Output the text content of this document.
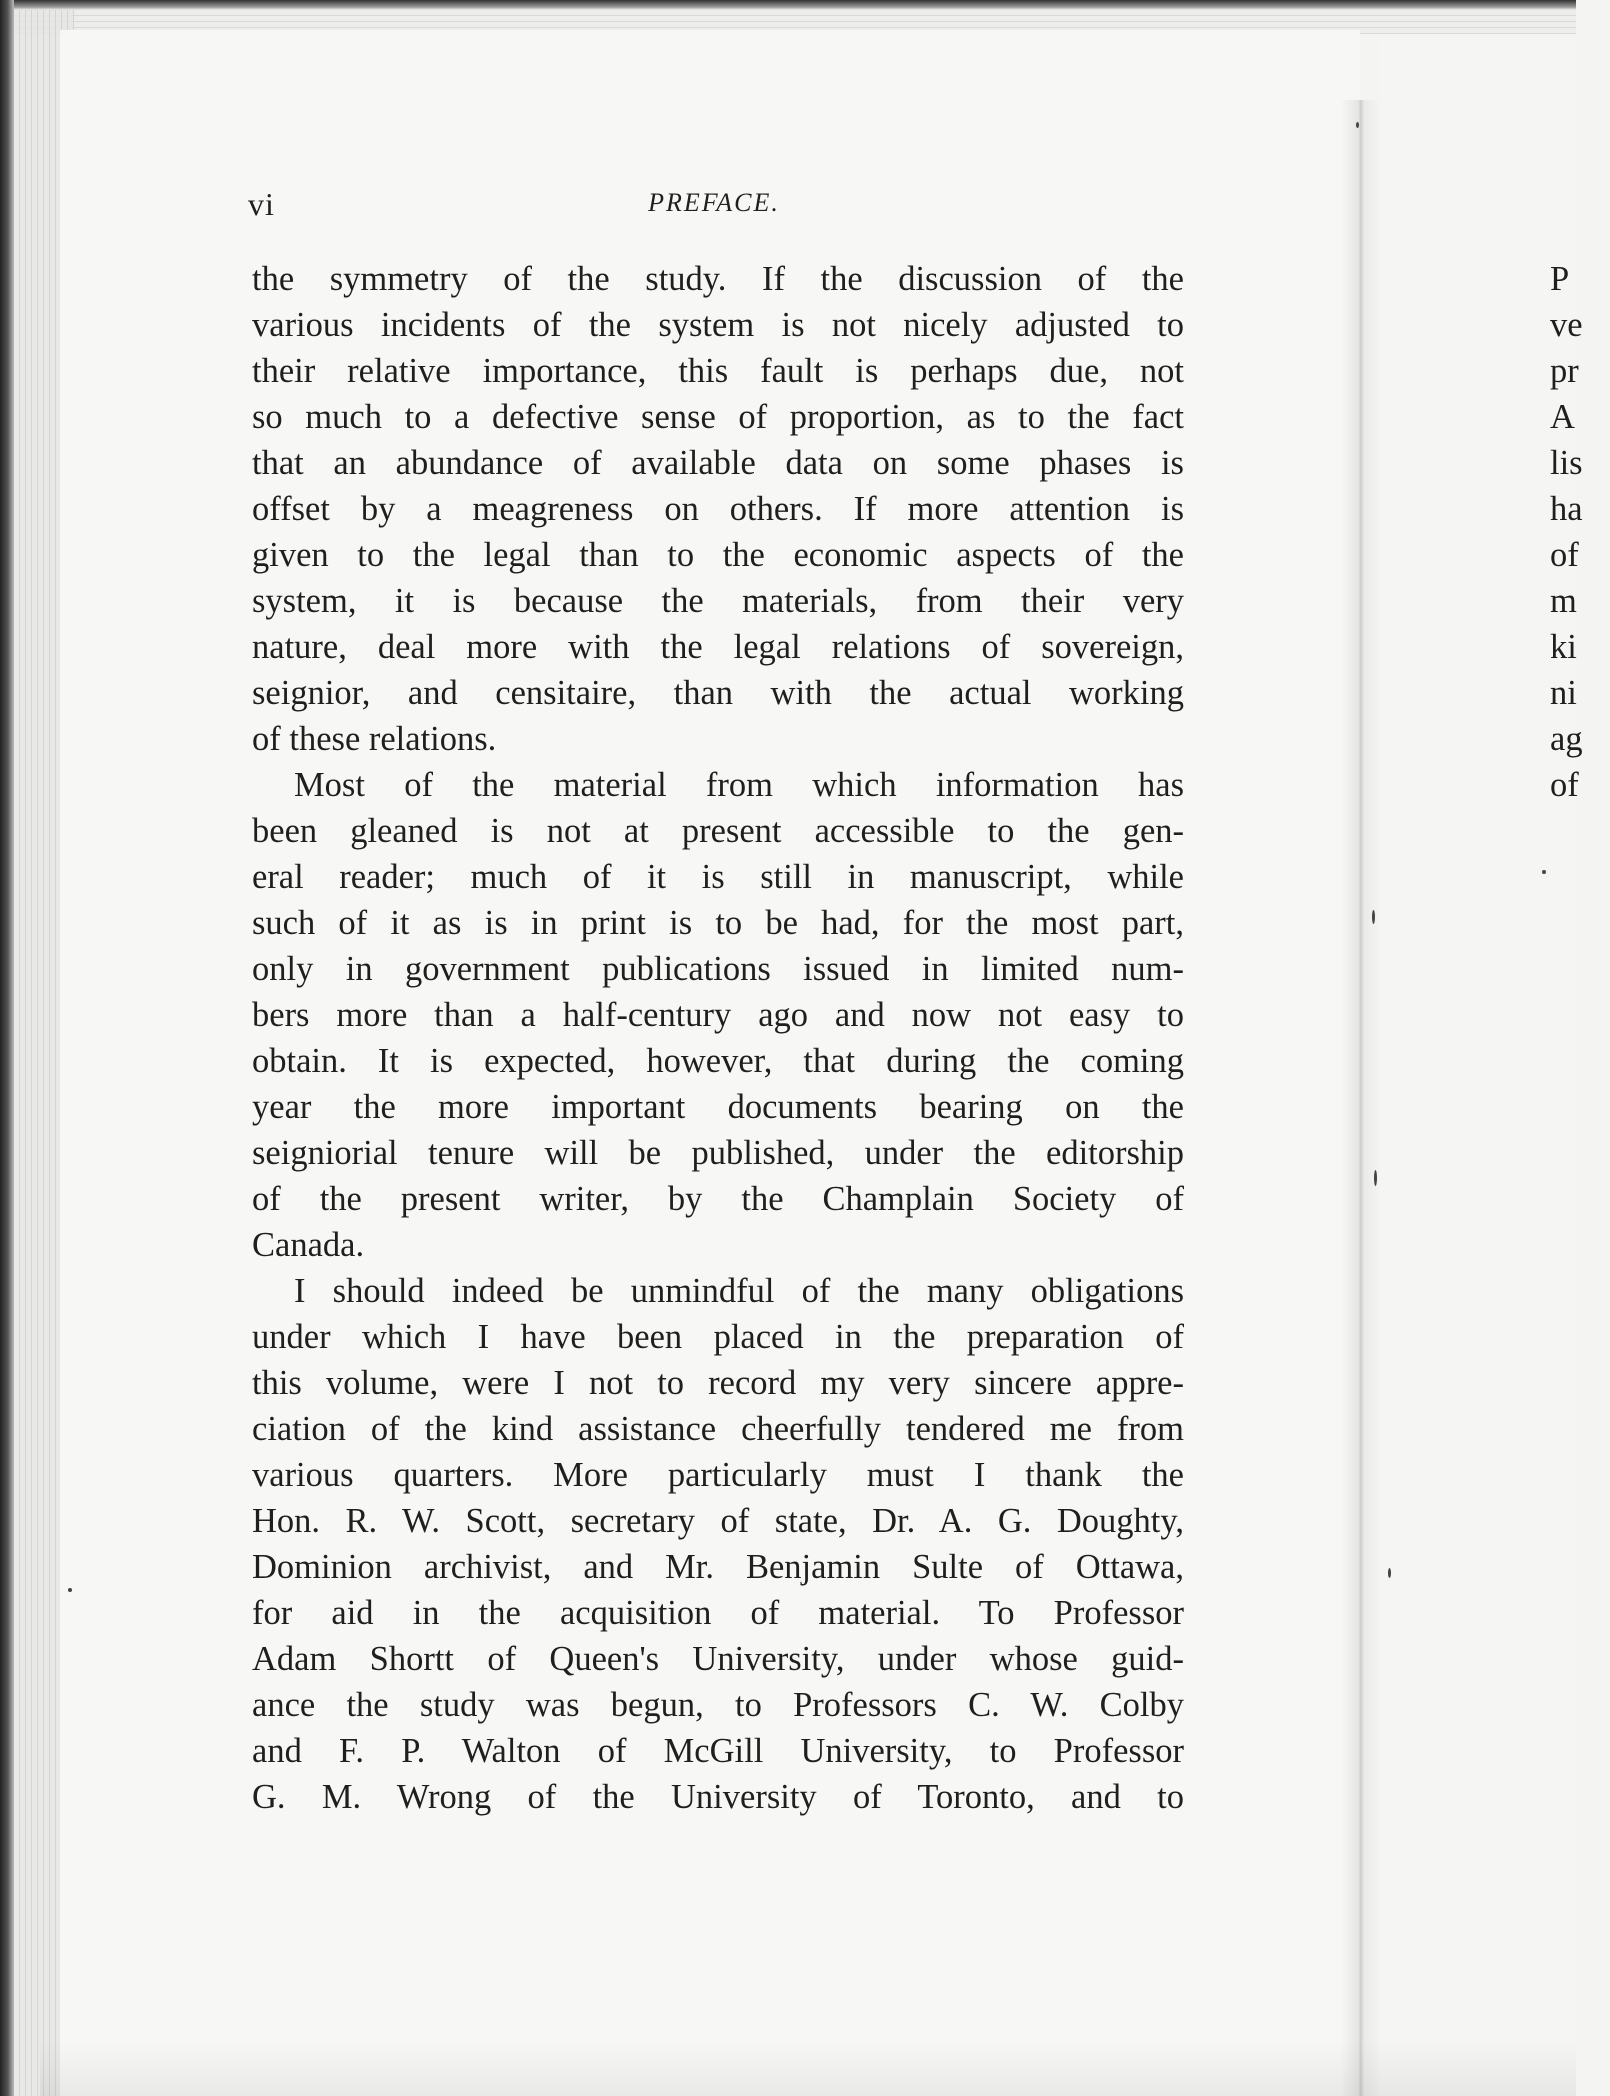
vi	PREFACE.
the symmetry of the study. If the discussion of the
various incidents of the system is not nicely adjusted to
their relative importance, this fault is perhaps due, not
so much to a defective sense of proportion, as to the fact
that an abundance of available data on some phases is
offset by a meagreness on others. If more attention is
given to the legal than to the economic aspects of the
system, it is because the materials, from their very
nature, deal more with the legal relations of sovereign,
seignior, and censitaire, than with the actual working
of these relations.
Most of the material from which information has
been gleaned is not at present accessible to the gen-
eral reader; much of it is still in manuscript, while
such of it as is in print is to be had, for the most part,
only in government publications issued in limited num-
bers more than a half-century ago and now not easy to
obtain. It is expected, however, that during the coming
year the more important documents bearing on the
seigniorial tenure will be published, under the editorship
of the present writer, by the Champlain Society of
Canada.
I should indeed be unmindful of the many obligations
under which I have been placed in the preparation of
this volume, were I not to record my very sincere appre-
ciation of the kind assistance cheerfully tendered me from
various quarters. More particularly must I thank the
Hon. R. W. Scott, secretary of state, Dr. A. G. Doughty,
Dominion archivist, and Mr. Benjamin Sulte of Ottawa,
for aid in the acquisition of material. To Professor
Adam Shortt of Queen's University, under whose guid-
ance the study was begun, to Professors C. W. Colby
and F. P. Walton of McGill University, to Professor
G. M. Wrong of the University of Toronto, and to
P
ve
pr
A
lis
ha
of
m
ki
ni
ag
of
